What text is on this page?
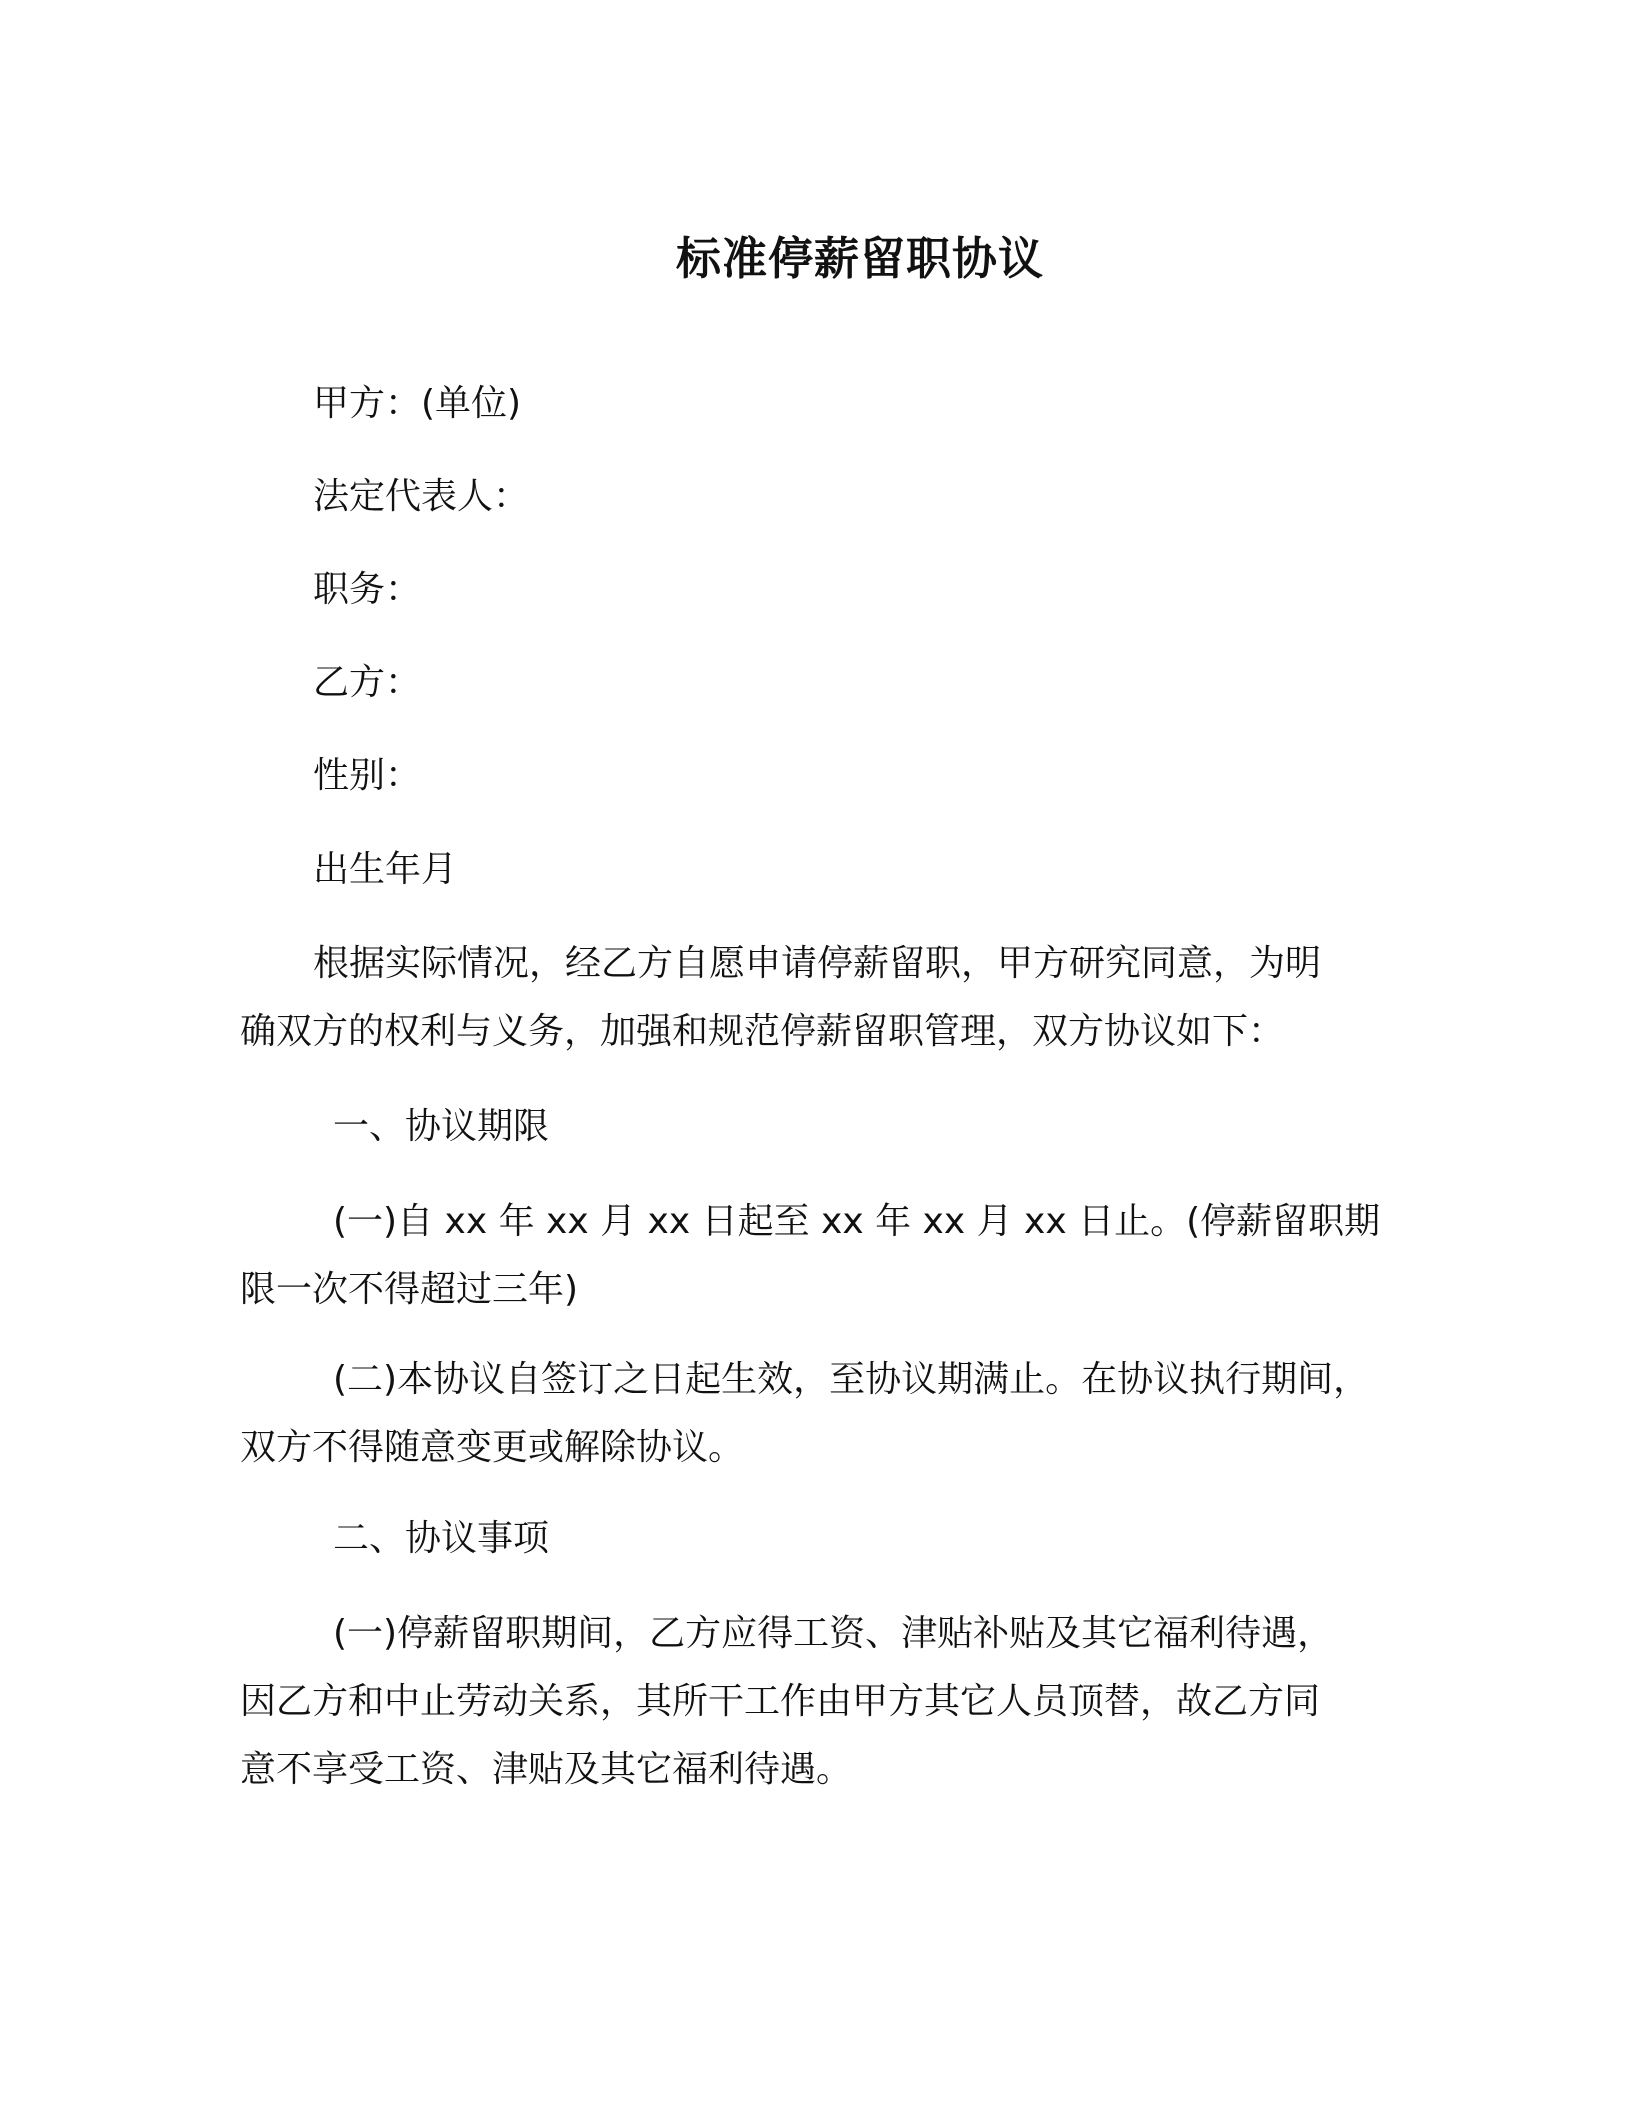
标准停薪留职协议
甲方：(单位)
法定代表人：
职务：
乙方：
性别：
出生年月
根据实际情况，经乙方自愿申请停薪留职，甲方研究同意，为明
确双方的权利与义务，加强和规范停薪留职管理，双方协议如下：
一、协议期限
(一)自 xx 年 xx 月 xx 日起至 xx 年 xx 月 xx 日止。(停薪留职期
限一次不得超过三年)
(二)本协议自签订之日起生效，至协议期满止。在协议执行期间，
双方不得随意变更或解除协议。
二、协议事项
(一)停薪留职期间，乙方应得工资、津贴补贴及其它福利待遇，
因乙方和中止劳动关系，其所干工作由甲方其它人员顶替，故乙方同
意不享受工资、津贴及其它福利待遇。
